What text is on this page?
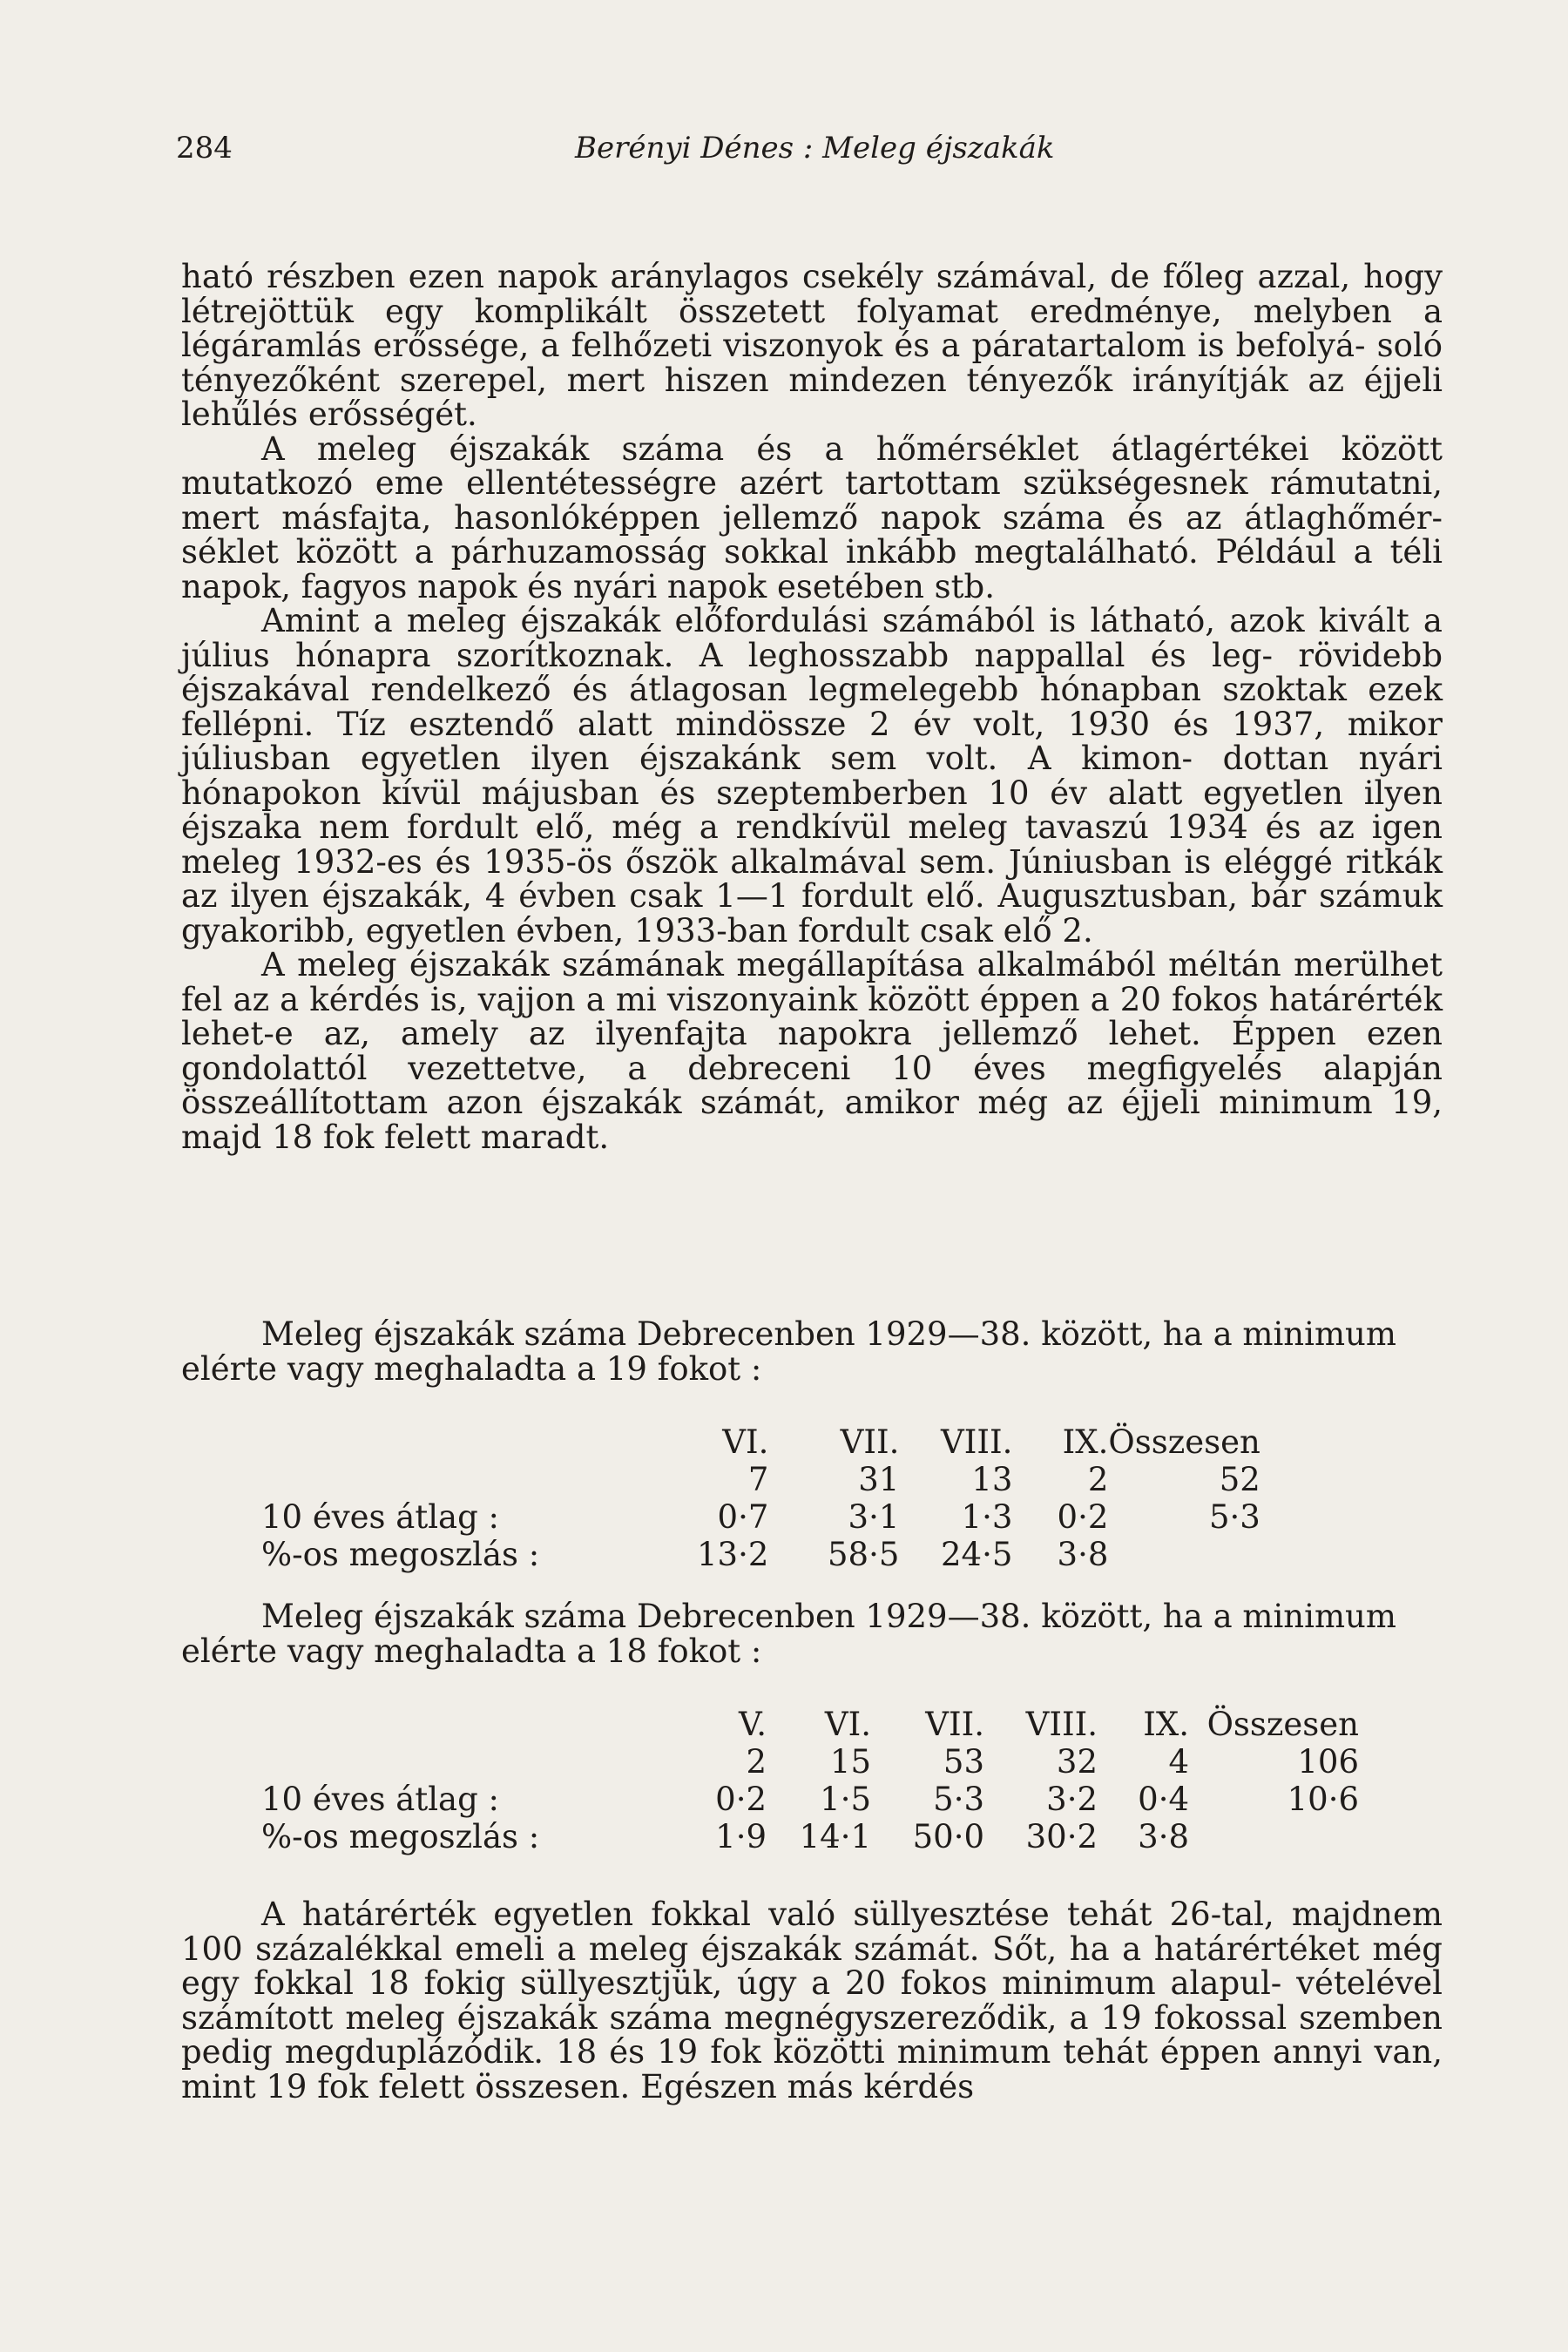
284	Berényi Dénes : Meleg éjszakák

ható részben ezen napok aránylagos csekély számával, de főleg azzal, hogy létrejöttük egy komplikált összetett folyamat eredménye, melyben a légáramlás erőssége, a felhőzeti viszonyok és a páratartalom is befolyá- soló tényezőként szerepel, mert hiszen mindezen tényezők irányítják az éjjeli lehűlés erősségét.

A meleg éjszakák száma és a hőmérséklet átlagértékei között mutatkozó eme ellentétességre azért tartottam szükségesnek rámutatni, mert másfajta, hasonlóképpen jellemző napok száma és az átlaghőmér- séklet között a párhuzamosság sokkal inkább megtalálható. Például a téli napok, fagyos napok és nyári napok esetében stb.

Amint a meleg éjszakák előfordulási számából is látható, azok kivált a július hónapra szorítkoznak. A leghosszabb nappallal és leg- rövidebb éjszakával rendelkező és átlagosan legmelegebb hónapban szoktak ezek fellépni. Tíz esztendő alatt mindössze 2 év volt, 1930 és 1937, mikor júliusban egyetlen ilyen éjszakánk sem volt. A kimon- dottan nyári hónapokon kívül májusban és szeptemberben 10 év alatt egyetlen ilyen éjszaka nem fordult elő, még a rendkívül meleg tavaszú 1934 és az igen meleg 1932-es és 1935-ös őszök alkalmával sem. Júniusban is eléggé ritkák az ilyen éjszakák, 4 évben csak 1—1 fordult elő. Augusztusban, bár számuk gyakoribb, egyetlen évben, 1933-ban fordult csak elő 2.

A meleg éjszakák számának megállapítása alkalmából méltán merülhet fel az a kérdés is, vajjon a mi viszonyaink között éppen a 20 fokos határérték lehet-e az, amely az ilyenfajta napokra jellemző lehet. Éppen ezen gondolattól vezettetve, a debreceni 10 éves megfigyelés alapján összeállítottam azon éjszakák számát, amikor még az éjjeli minimum 19, majd 18 fok felett maradt.

Meleg éjszakák száma Debrecenben 1929—38. között, ha a minimum
elérte vagy meghaladta a 19 fokot :
	VI.	VII.	VIII.	IX.	Összesen
	7	31	13	2	52
10 éves átlag :	0·7	3·1	1·3	0·2	5·3
%-os megoszlás :	13·2	58·5	24·5	3·8	
Meleg éjszakák száma Debrecenben 1929—38. között, ha a minimum
elérte vagy meghaladta a 18 fokot :
	V.	VI.	VII.	VIII.	IX.	Összesen
	2	15	53	32	4	106
10 éves átlag :	0·2	1·5	5·3	3·2	0·4	10·6
%-os megoszlás :	1·9	14·1	50·0	30·2	3·8	

A határérték egyetlen fokkal való süllyesztése tehát 26-tal, majdnem 100 százalékkal emeli a meleg éjszakák számát. Sőt, ha a határértéket még egy fokkal 18 fokig süllyesztjük, úgy a 20 fokos minimum alapul- vételével számított meleg éjszakák száma megnégyszereződik, a 19 fokossal szemben pedig megduplázódik. 18 és 19 fok közötti minimum tehát éppen annyi van, mint 19 fok felett összesen. Egészen más kérdés
